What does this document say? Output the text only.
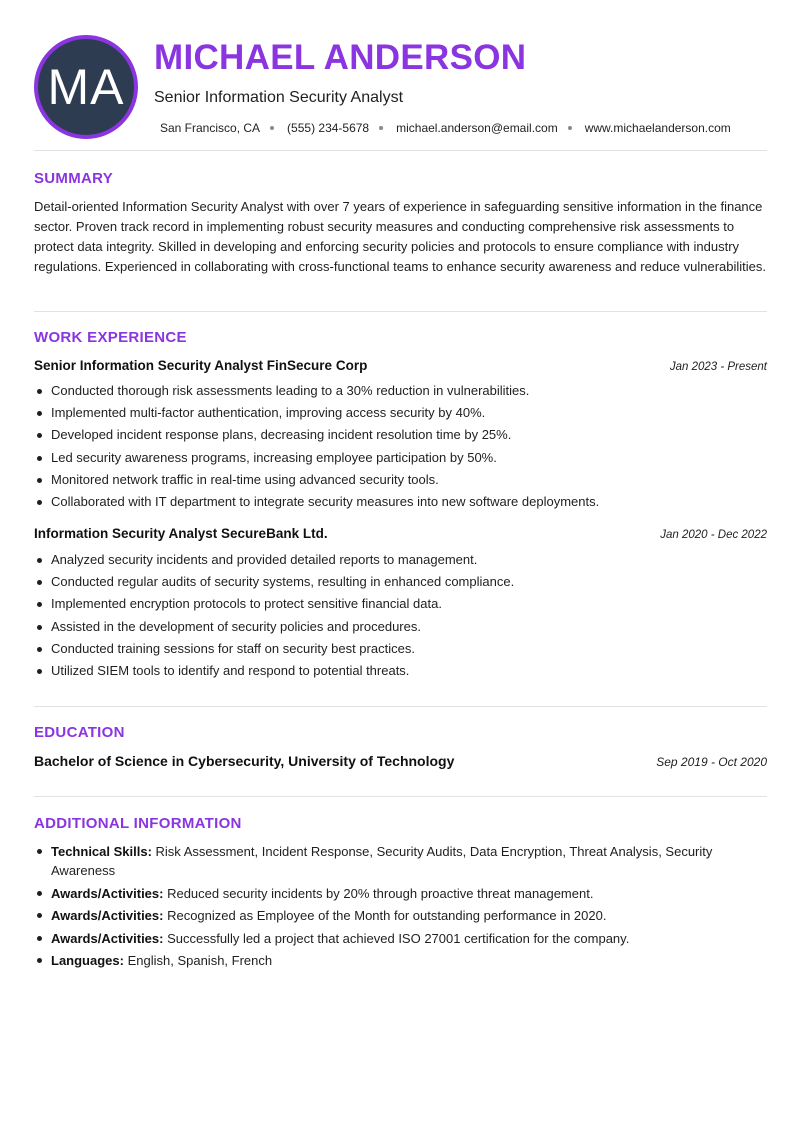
MA
MICHAEL ANDERSON
Senior Information Security Analyst
San Francisco, CA (555) 234-5678 michael.anderson@email.com www.michaelanderson.com
SUMMARY
Detail-oriented Information Security Analyst with over 7 years of experience in safeguarding sensitive information in the finance sector. Proven track record in implementing robust security measures and conducting comprehensive risk assessments to protect data integrity. Skilled in developing and enforcing security policies and protocols to ensure compliance with industry regulations. Experienced in collaborating with cross-functional teams to enhance security awareness and reduce vulnerabilities.
WORK EXPERIENCE
Senior Information Security Analyst FinSecure Corp	Jan 2023 - Present
Conducted thorough risk assessments leading to a 30% reduction in vulnerabilities.
Implemented multi-factor authentication, improving access security by 40%.
Developed incident response plans, decreasing incident resolution time by 25%.
Led security awareness programs, increasing employee participation by 50%.
Monitored network traffic in real-time using advanced security tools.
Collaborated with IT department to integrate security measures into new software deployments.
Information Security Analyst SecureBank Ltd.	Jan 2020 - Dec 2022
Analyzed security incidents and provided detailed reports to management.
Conducted regular audits of security systems, resulting in enhanced compliance.
Implemented encryption protocols to protect sensitive financial data.
Assisted in the development of security policies and procedures.
Conducted training sessions for staff on security best practices.
Utilized SIEM tools to identify and respond to potential threats.
EDUCATION
Bachelor of Science in Cybersecurity, University of Technology	Sep 2019 - Oct 2020
ADDITIONAL INFORMATION
Technical Skills: Risk Assessment, Incident Response, Security Audits, Data Encryption, Threat Analysis, Security Awareness
Awards/Activities: Reduced security incidents by 20% through proactive threat management.
Awards/Activities: Recognized as Employee of the Month for outstanding performance in 2020.
Awards/Activities: Successfully led a project that achieved ISO 27001 certification for the company.
Languages: English, Spanish, French
